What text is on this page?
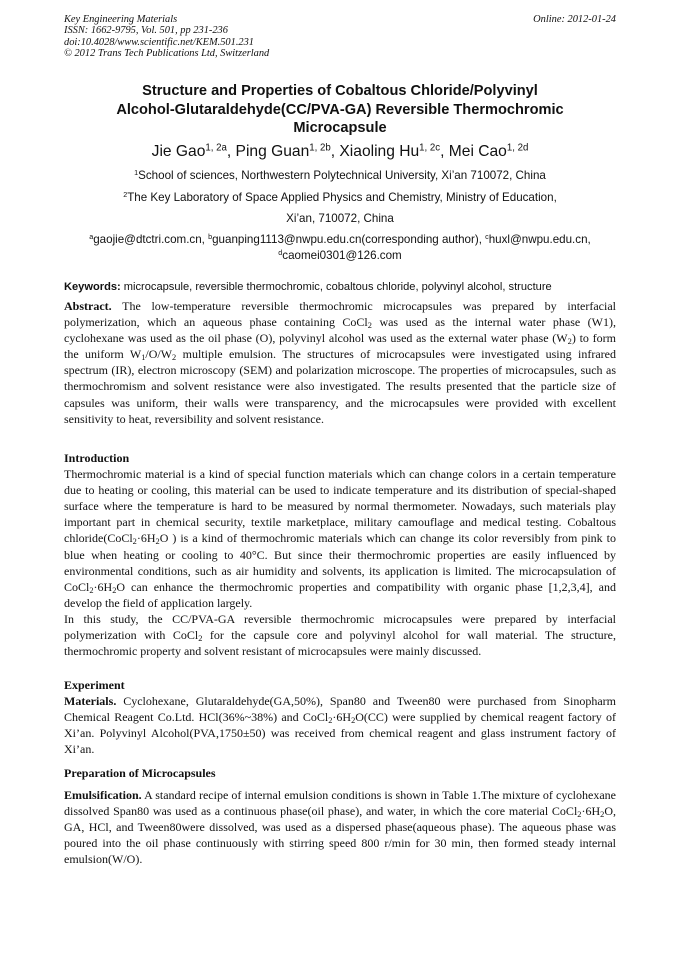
Key Engineering Materials
ISSN: 1662-9795, Vol. 501, pp 231-236
doi:10.4028/www.scientific.net/KEM.501.231
© 2012 Trans Tech Publications Ltd, Switzerland
Online: 2012-01-24
Structure and Properties of Cobaltous Chloride/Polyvinyl
Alcohol-Glutaraldehyde(CC/PVA-GA) Reversible Thermochromic
Microcapsule
Jie Gao$^{1, 2a}$, Ping Guan$^{1, 2b}$, Xiaoling $Hu^{1, 2c}$, Mei Cao$^{1, 2d}$
$^1$School of sciences, Northwestern Polytechnical University, Xi’an 710072, China
$^2$The Key Laboratory of Space Applied Physics and Chemistry, Ministry of Education,
Xi’an, 710072, China
$^a$gaojie@dtctri.com.cn, $^b$guanping1113@nwpu.edu.cn(corresponding author), $^c$huxl@nwpu.edu.cn,
$^d$caomei0301@126.com
Keywords: microcapsule, reversible thermochromic, cobaltous chloride, polyvinyl alcohol, structure

Abstract. The low-temperature reversible thermochromic microcapsules was prepared by interfacial polymerization, which an aqueous phase containing CoCl$_2$ was used as the internal water phase (W1), cyclohexane was used as the oil phase (O), polyvinyl alcohol was used as the external water phase $(W_2)$ to form the uniform $W_1/O/W_2$ multiple emulsion. The structures of microcapsules were investigated using infrared spectrum (IR), electron microscopy (SEM) and polarization microscope. The properties of microcapsules, such as thermochromism and solvent resistance were also investigated. The results presented that the particle size of capsules was uniform, their walls were transparency, and the microcapsules were provided with excellent sensitivity to heat, reversibility and solvent resistance.

Introduction

Thermochromic material is a kind of special function materials which can change colors in a certain temperature due to heating or cooling, this material can be used to indicate temperature and its distribution of special-shaped surface where the temperature is hard to be measured by normal thermometer. Nowadays, such materials play important part in chemical security, textile marketplace, military camouflage and medical testing. Cobaltous $chloride(CoCl_2\cdot 6H_2O$ ) is a kind of thermochromic materials which can change its color reversibly from pink to blue when heating or cooling to 40°C. But since their thermochromic properties are easily influenced by environmental conditions, such as air humidity and solvents, its application is limited. The microcapsulation of $CoCl_2\cdot 6H_2O$ can enhance the thermochromic properties and compatibility with organic phase [1,2,3,4], and develop the field of application largely.

In this study, the CC/PVA-GA reversible thermochromic microcapsules were prepared by interfacial polymerization with CoCl$_2$ for the capsule core and polyvinyl alcohol for wall material. The structure, thermochromic property and solvent resistant of microcapsules were mainly discussed.

Experiment

Materials. Cyclohexane, Glutaraldehyde(GA,50%), Span80 and Tween80 were purchased from Sinopharm Chemical Reagent Co.Ltd. HCl(36%~38%) and $CoCl_2\cdot 6H_2O(CC)$ were supplied by chemical reagent factory of Xi’an. Polyvinyl Alcohol(PVA,1750±50) was received from chemical reagent and glass instrument factory of Xi’an.

Preparation of Microcapsules

Emulsification. A standard recipe of internal emulsion conditions is shown in Table 1.The mixture of cyclohexane dissolved Span80 was used as a continuous phase(oil phase), and water, in which the core material $CoCl_2\cdot 6H_2O$, GA, HCl, and Tween80were dissolved, was used as a dispersed phase(aqueous phase). The aqueous phase was poured into the oil phase continuously with stirring speed 800 r/min for 30 min, then formed steady internal emulsion(W/O).
